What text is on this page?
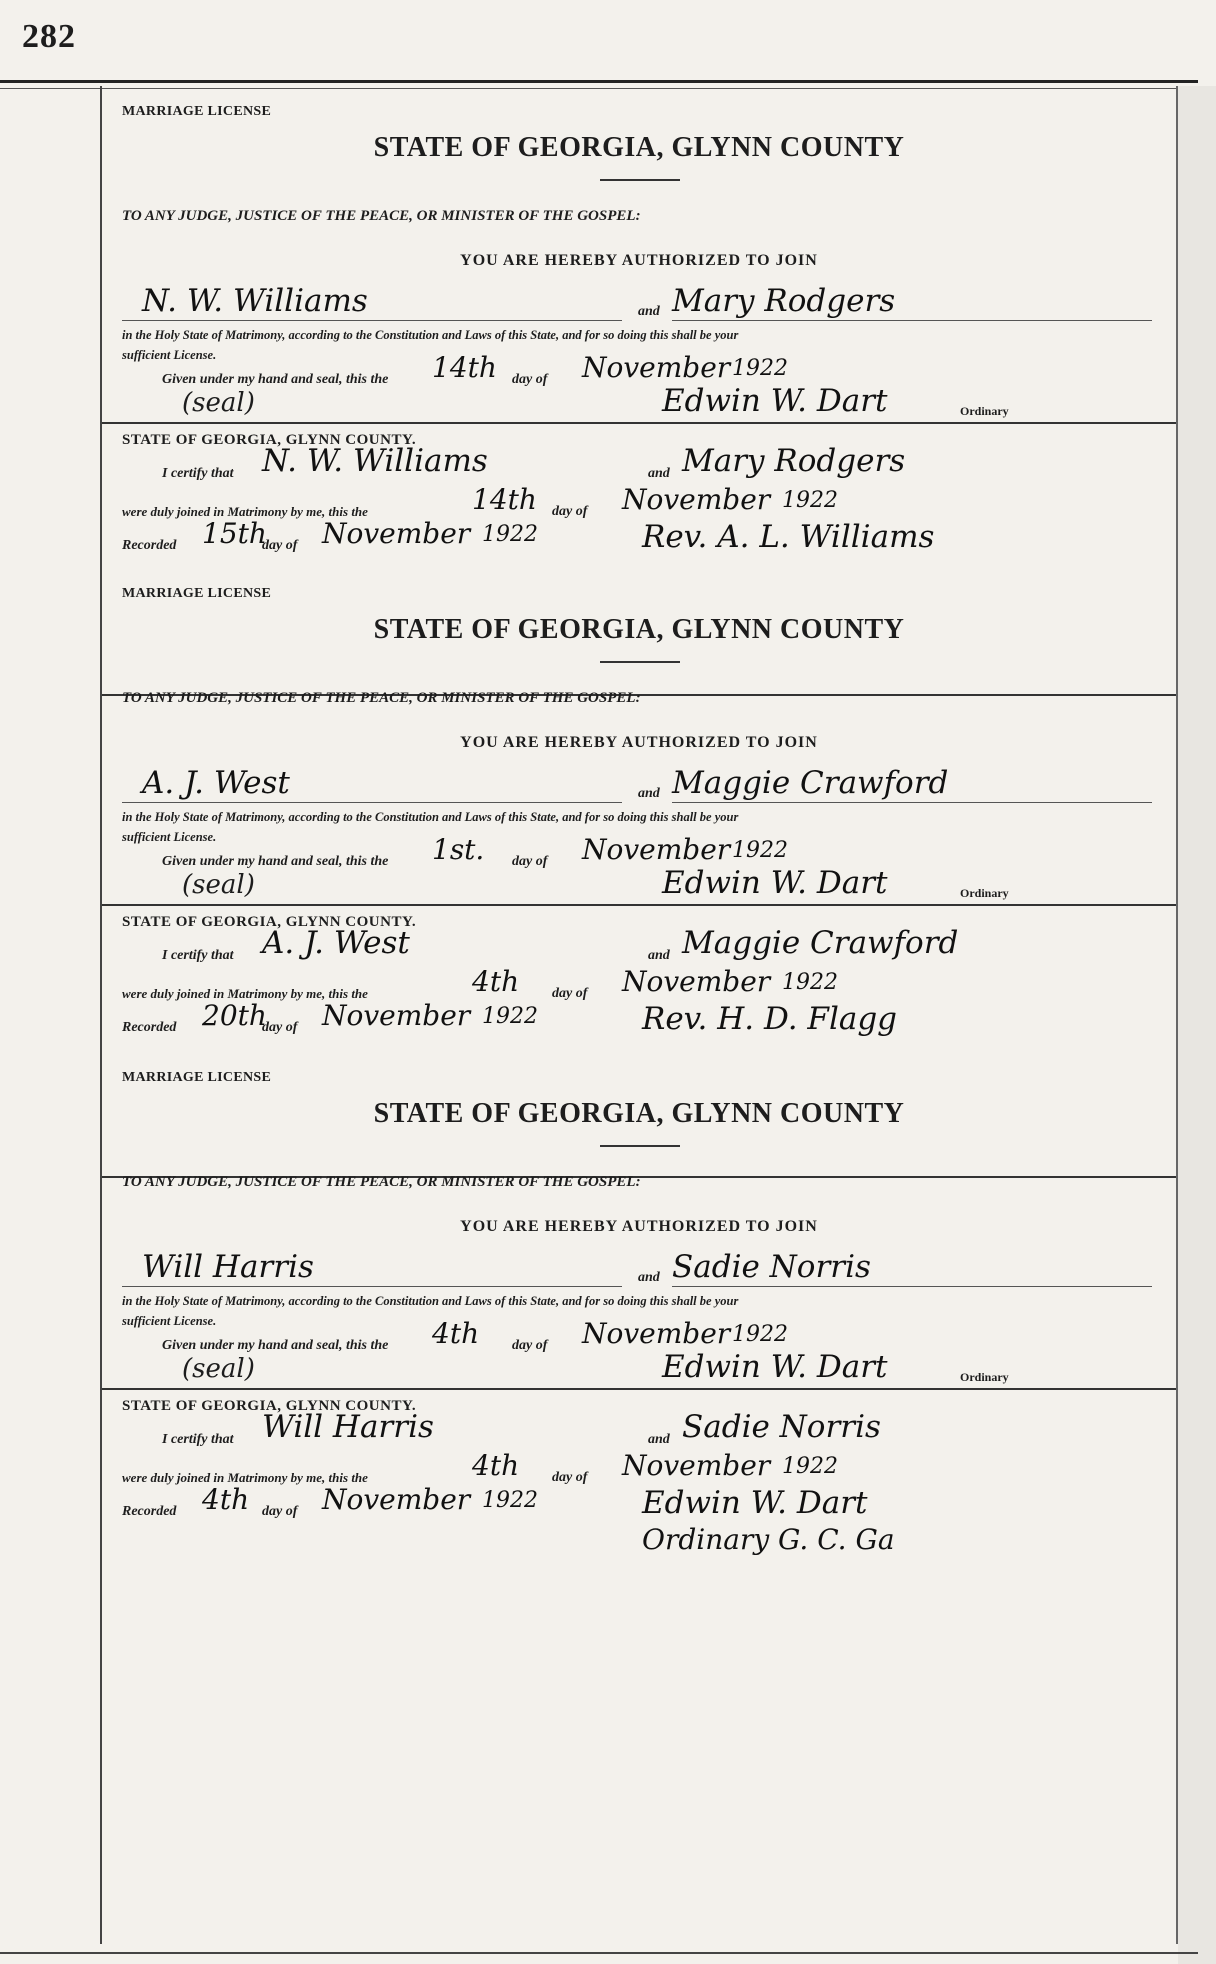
282
MARRIAGE LICENSE
STATE OF GEORGIA, GLYNN COUNTY
TO ANY JUDGE, JUSTICE OF THE PEACE, OR MINISTER OF THE GOSPEL:
YOU ARE HEREBY AUTHORIZED TO JOIN
N. W. Williams	and Mary Rodgers
in the Holy State of Matrimony, according to the Constitution and Laws of this State, and for so doing this shall be your
sufficient License.
Given under my hand and seal, this the 14th day of November 1922
(seal)	Edwin W. Dart	Ordinary
STATE OF GEORGIA, GLYNN COUNTY.
I certify that N. W. Williams	and Mary Rodgers
were duly joined in Matrimony by me, this the	14th day of November 1922
Recorded 15th
day of November 1922	Rev. A. L. Williams
MARRIAGE LICENSE
STATE OF GEORGIA, GLYNN COUNTY
TO ANY JUDGE, JUSTICE OF THE PEACE, OR MINISTER OF THE GOSPEL:
YOU ARE HEREBY AUTHORIZED TO JOIN
A. J. West	and Maggie Crawford
in the Holy State of Matrimony, according to the Constitution and Laws of this State, and for so doing this shall be your
sufficient License.
Given under my hand and seal, this the 1st. day of November 1922
(seal)	Edwin W. Dart	Ordinary
STATE OF GEORGIA, GLYNN COUNTY.
I certify that A. J. West	and Maggie Crawford
were duly joined in Matrimony by me, this the	4th day of November 1922
Recorded 20th
day of November 1922	Rev. H. D. Flagg
MARRIAGE LICENSE
STATE OF GEORGIA, GLYNN COUNTY
TO ANY JUDGE, JUSTICE OF THE PEACE, OR MINISTER OF THE GOSPEL:
YOU ARE HEREBY AUTHORIZED TO JOIN
Will Harris	and Sadie Norris
in the Holy State of Matrimony, according to the Constitution and Laws of this State, and for so doing this shall be your
sufficient License.
Given under my hand and seal, this the 4th day of November 1922
(seal)	Edwin W. Dart	Ordinary
STATE OF GEORGIA, GLYNN COUNTY.
I certify that Will Harris	and Sadie Norris
were duly joined in Matrimony by me, this the	4th day of November 1922
Recorded 4th day of November 1922	Edwin W. Dart
Ordinary G. C. Ga
